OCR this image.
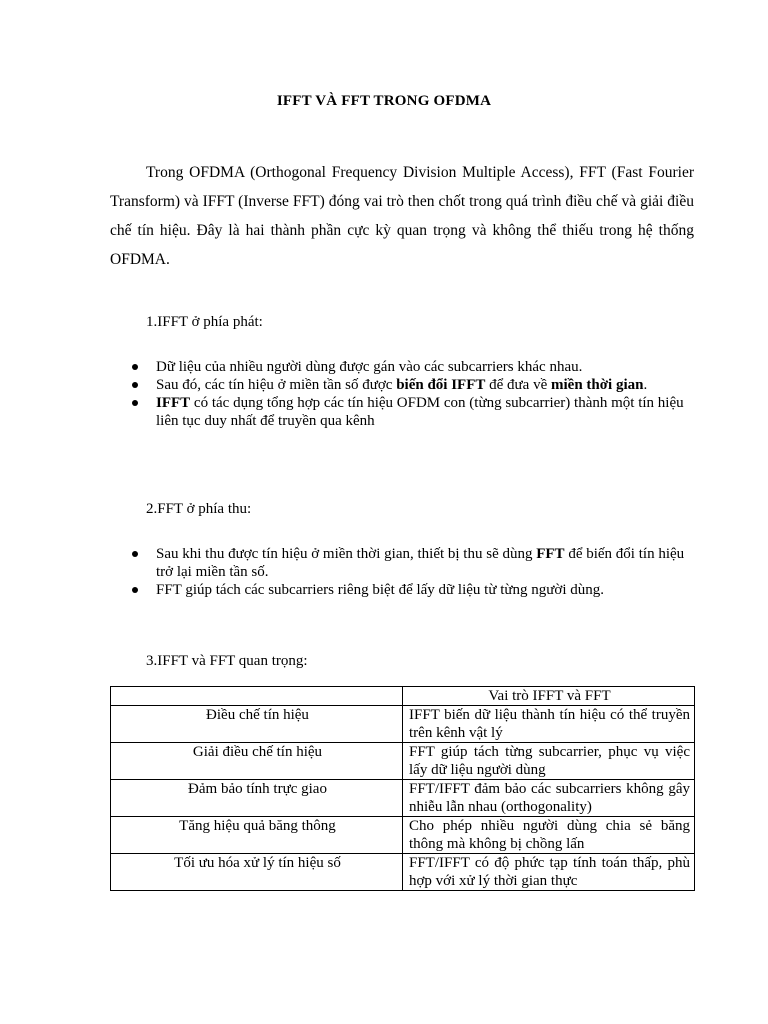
IFFT VÀ FFT TRONG OFDMA

Trong OFDMA (Orthogonal Frequency Division Multiple Access), FFT (Fast Fourier Transform) và IFFT (Inverse FFT) đóng vai trò then chốt trong quá trình điều chế và giải điều chế tín hiệu. Đây là hai thành phần cực kỳ quan trọng và không thể thiếu trong hệ thống OFDMA.

1.IFFT ở phía phát:

Dữ liệu của nhiều người dùng được gán vào các subcarriers khác nhau.
Sau đó, các tín hiệu ở miền tần số được biến đổi IFFT để đưa về miền thời gian.
IFFT có tác dụng tổng hợp các tín hiệu OFDM con (từng subcarrier) thành một tín hiệu liên tục duy nhất để truyền qua kênh

2.FFT ở phía thu:

Sau khi thu được tín hiệu ở miền thời gian, thiết bị thu sẽ dùng FFT để biến đổi tín hiệu trở lại miền tần số.
FFT giúp tách các subcarriers riêng biệt để lấy dữ liệu từ từng người dùng.

3.IFFT và FFT quan trọng:

	Vai trò IFFT và FFT
Điều chế tín hiệu	IFFT biến dữ liệu thành tín hiệu có thể truyền trên kênh vật lý
Giải điều chế tín hiệu	FFT giúp tách từng subcarrier, phục vụ việc lấy dữ liệu người dùng
Đảm bảo tính trực giao	FFT/IFFT đảm bảo các subcarriers không gây nhiễu lẫn nhau (orthogonality)
Tăng hiệu quả băng thông	Cho phép nhiều người dùng chia sẻ băng thông mà không bị chồng lấn
Tối ưu hóa xử lý tín hiệu số	FFT/IFFT có độ phức tạp tính toán thấp, phù hợp với xử lý thời gian thực
